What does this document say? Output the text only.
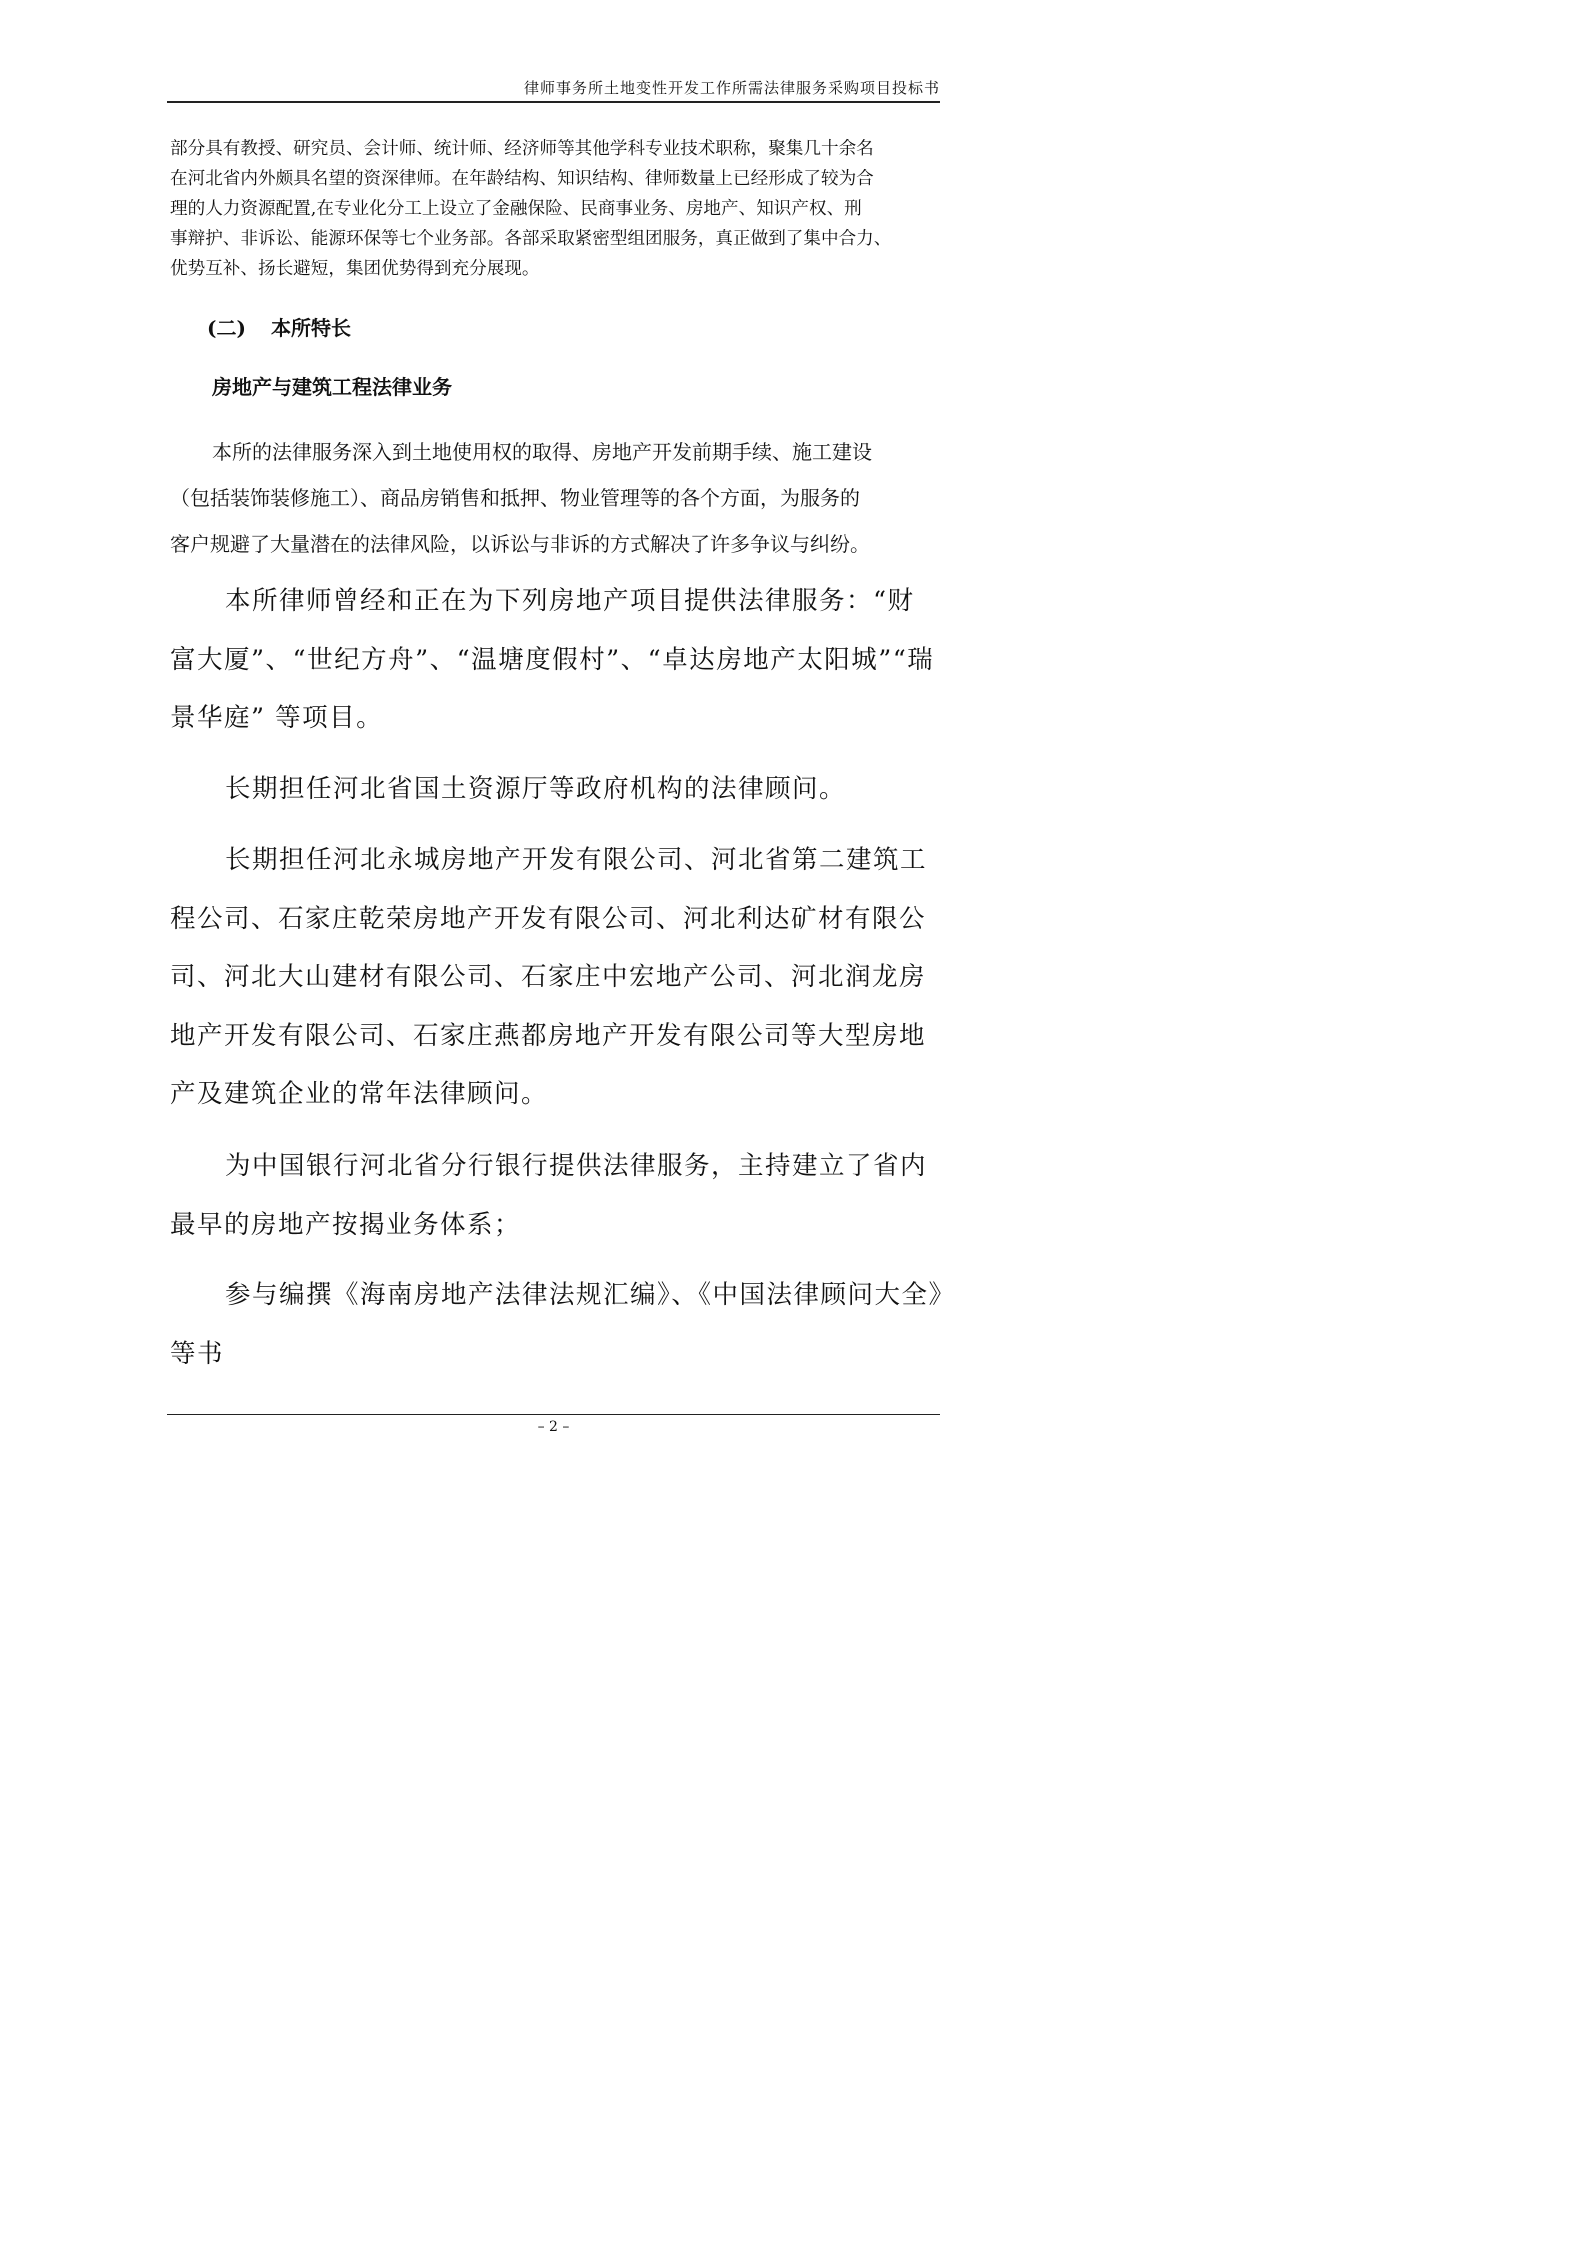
律师事务所土地变性开发工作所需法律服务采购项目投标书

部分具有教授、研究员、会计师、统计师、经济师等其他学科专业技术职称，聚集几十余名
在河北省内外颇具名望的资深律师。在年龄结构、知识结构、律师数量上已经形成了较为合
理的人力资源配置,在专业化分工上设立了金融保险、民商事业务、房地产、知识产权、刑
事辩护、非诉讼、能源环保等七个业务部。各部采取紧密型组团服务，真正做到了集中合力、
优势互补、扬长避短，集团优势得到充分展现。

(二) 本所特长
房地产与建筑工程法律业务

本所的法律服务深入到土地使用权的取得、房地产开发前期手续、施工建设
（包括装饰装修施工）、商品房销售和抵押、物业管理等的各个方面，为服务的
客户规避了大量潜在的法律风险，以诉讼与非诉的方式解决了许多争议与纠纷。

本所律师曾经和正在为下列房地产项目提供法律服务：“财
富大厦”、“世纪方舟”、“温塘度假村”、“卓达房地产太阳城”“瑞
景华庭” 等项目。

长期担任河北省国土资源厅等政府机构的法律顾问。

长期担任河北永城房地产开发有限公司、河北省第二建筑工
程公司、石家庄乾荣房地产开发有限公司、河北利达矿材有限公
司、河北大山建材有限公司、石家庄中宏地产公司、河北润龙房
地产开发有限公司、石家庄燕都房地产开发有限公司等大型房地
产及建筑企业的常年法律顾问。

为中国银行河北省分行银行提供法律服务，主持建立了省内
最早的房地产按揭业务体系；

参与编撰《海南房地产法律法规汇编》、《中国法律顾问大全》
等书

– 2 –
